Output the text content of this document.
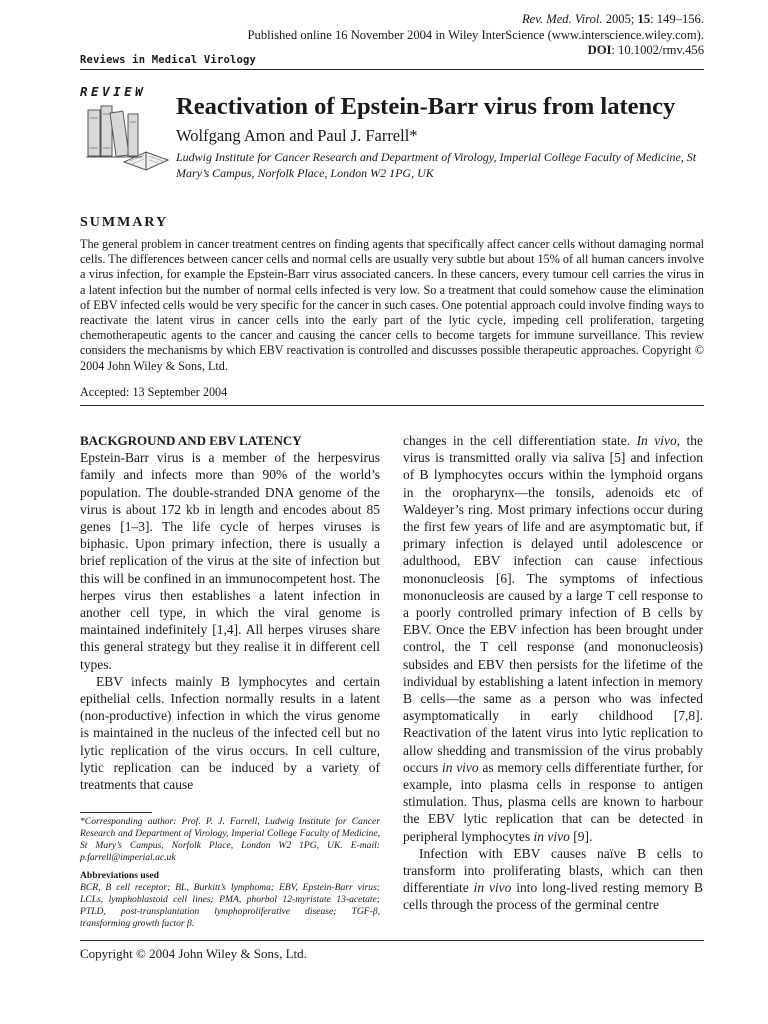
Rev. Med. Virol. 2005; 15: 149–156.
Published online 16 November 2004 in Wiley InterScience (www.interscience.wiley.com).
Reviews in Medical Virology
DOI: 10.1002/rmv.456
REVIEW
Reactivation of Epstein-Barr virus from latency
Wolfgang Amon and Paul J. Farrell*
Ludwig Institute for Cancer Research and Department of Virology, Imperial College Faculty of Medicine, St Mary’s Campus, Norfolk Place, London W2 1PG, UK
SUMMARY
The general problem in cancer treatment centres on finding agents that specifically affect cancer cells without damaging normal cells. The differences between cancer cells and normal cells are usually very subtle but about 15% of all human cancers involve a virus infection, for example the Epstein-Barr virus associated cancers. In these cancers, every tumour cell carries the virus in a latent infection but the number of normal cells infected is very low. So a treatment that could somehow cause the elimination of EBV infected cells would be very specific for the cancer in such cases. One potential approach could involve finding ways to reactivate the latent virus in cancer cells into the early part of the lytic cycle, impeding cell proliferation, targeting chemotherapeutic agents to the cancer and causing the cancer cells to become targets for immune surveillance. This review considers the mechanisms by which EBV reactivation is controlled and discusses possible therapeutic approaches. Copyright © 2004 John Wiley & Sons, Ltd.
Accepted: 13 September 2004
BACKGROUND AND EBV LATENCY

Epstein-Barr virus is a member of the herpesvirus family and infects more than 90% of the world’s population. The double-stranded DNA genome of the virus is about 172 kb in length and encodes about 85 genes [1–3]. The life cycle of herpes viruses is biphasic. Upon primary infection, there is usually a brief replication of the virus at the site of infection but this will be confined in an immunocompetent host. The herpes virus then establishes a latent infection in another cell type, in which the viral genome is maintained indefinitely [1,4]. All herpes viruses share this general strategy but they realise it in different cell types.

EBV infects mainly B lymphocytes and certain epithelial cells. Infection normally results in a latent (non-productive) infection in which the virus genome is maintained in the nucleus of the infected cell but no lytic replication of the virus occurs. In cell culture, lytic replication can be induced by a variety of treatments that cause

changes in the cell differentiation state. In vivo, the virus is transmitted orally via saliva [5] and infection of B lymphocytes occurs within the lymphoid organs in the oropharynx—the tonsils, adenoids etc of Waldeyer’s ring. Most primary infections occur during the first few years of life and are asymptomatic but, if primary infection is delayed until adolescence or adulthood, EBV infection can cause infectious mononucleosis [6]. The symptoms of infectious mononucleosis are caused by a large T cell response to a poorly controlled primary infection of B cells by EBV. Once the EBV infection has been brought under control, the T cell response (and mononucleosis) subsides and EBV then persists for the lifetime of the individual by establishing a latent infection in memory B cells—the same as a person who was infected asymptomatically in early childhood [7,8]. Reactivation of the latent virus into lytic replication to allow shedding and transmission of the virus probably occurs in vivo as memory cells differentiate further, for example, into plasma cells in response to antigen stimulation. Thus, plasma cells are known to harbour the EBV lytic replication that can be detected in peripheral lymphocytes in vivo [9].

Infection with EBV causes naïve B cells to transform into proliferating blasts, which can then differentiate in vivo into long-lived resting memory B cells through the process of the germinal centre

*Corresponding author: Prof. P. J. Farrell, Ludwig Institute for Cancer Research and Department of Virology, Imperial College Faculty of Medicine, St Mary’s Campus, Norfolk Place, London W2 1PG, UK. E-mail: p.farrell@imperial.ac.uk
Abbreviations used
BCR, B cell receptor; BL, Burkitt’s lymphoma; EBV, Epstein-Barr virus; LCLs, lymphoblastoid cell lines; PMA, phorbol 12-myristate 13-acetate; PTLD, post-transplantation lymphoproliferative disease; TGF-β, transforming growth factor β.
Copyright © 2004 John Wiley & Sons, Ltd.
